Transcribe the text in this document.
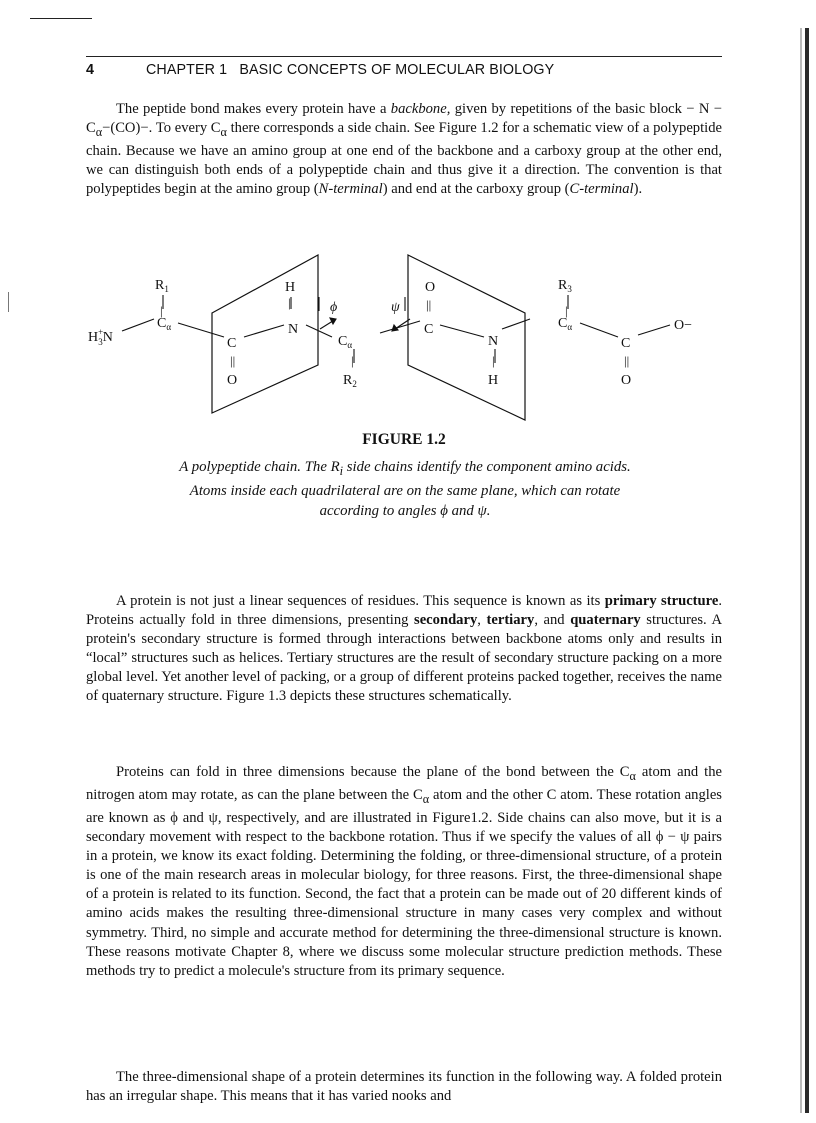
4	CHAPTER 1 BASIC CONCEPTS OF MOLECULAR BIOLOGY

The peptide bond makes every protein have a backbone, given by repetitions of the basic block − $N - C_\alpha-(CO)-$. To every $C_\alpha$ there corresponds a side chain. See Figure 1.2 for a schematic view of a polypeptide chain. Because we have an amino group at one end of the backbone and a carboxy group at the other end, we can distinguish both ends of a polypeptide chain and thus give it a direction. The convention is that polypeptides begin at the amino group (N-terminal) and end at the carboxy group (C-terminal).

$R_1$
|
H+ 3N
$C_\alpha$
C
||
O
H
|
N
ϕ	ψ
$C_\alpha$
|
$R_2$
O
||
C
N
|
H
$R_3$
|
$C_\alpha$
C
||
O
O−
FIGURE 1.2

A polypeptide chain. The $R_i$ side chains identify the component amino acids. Atoms inside each quadrilateral are on the same plane, which can rotate according to angles ϕ and ψ.

A protein is not just a linear sequences of residues. This sequence is known as its primary structure. Proteins actually fold in three dimensions, presenting secondary, tertiary, and quaternary structures. A protein's secondary structure is formed through interactions between backbone atoms only and results in “local” structures such as helices. Tertiary structures are the result of secondary structure packing on a more global level. Yet another level of packing, or a group of different proteins packed together, receives the name of quaternary structure. Figure 1.3 depicts these structures schematically.

Proteins can fold in three dimensions because the plane of the bond between the $C_\alpha$ atom and the nitrogen atom may rotate, as can the plane between the $C_\alpha$ atom and the other C atom. These rotation angles are known as ϕ and ψ, respectively, and are illustrated in Figure1.2. Side chains can also move, but it is a secondary movement with respect to the backbone rotation. Thus if we specify the values of all ϕ − ψ pairs in a protein, we know its exact folding. Determining the folding, or three-dimensional structure, of a protein is one of the main research areas in molecular biology, for three reasons. First, the three-dimensional shape of a protein is related to its function. Second, the fact that a protein can be made out of 20 different kinds of amino acids makes the resulting three-dimensional structure in many cases very complex and without symmetry. Third, no simple and accurate method for determining the three-dimensional structure is known. These reasons motivate Chapter 8, where we discuss some molecular structure prediction methods. These methods try to predict a molecule's structure from its primary sequence.

The three-dimensional shape of a protein determines its function in the following way. A folded protein has an irregular shape. This means that it has varied nooks and
